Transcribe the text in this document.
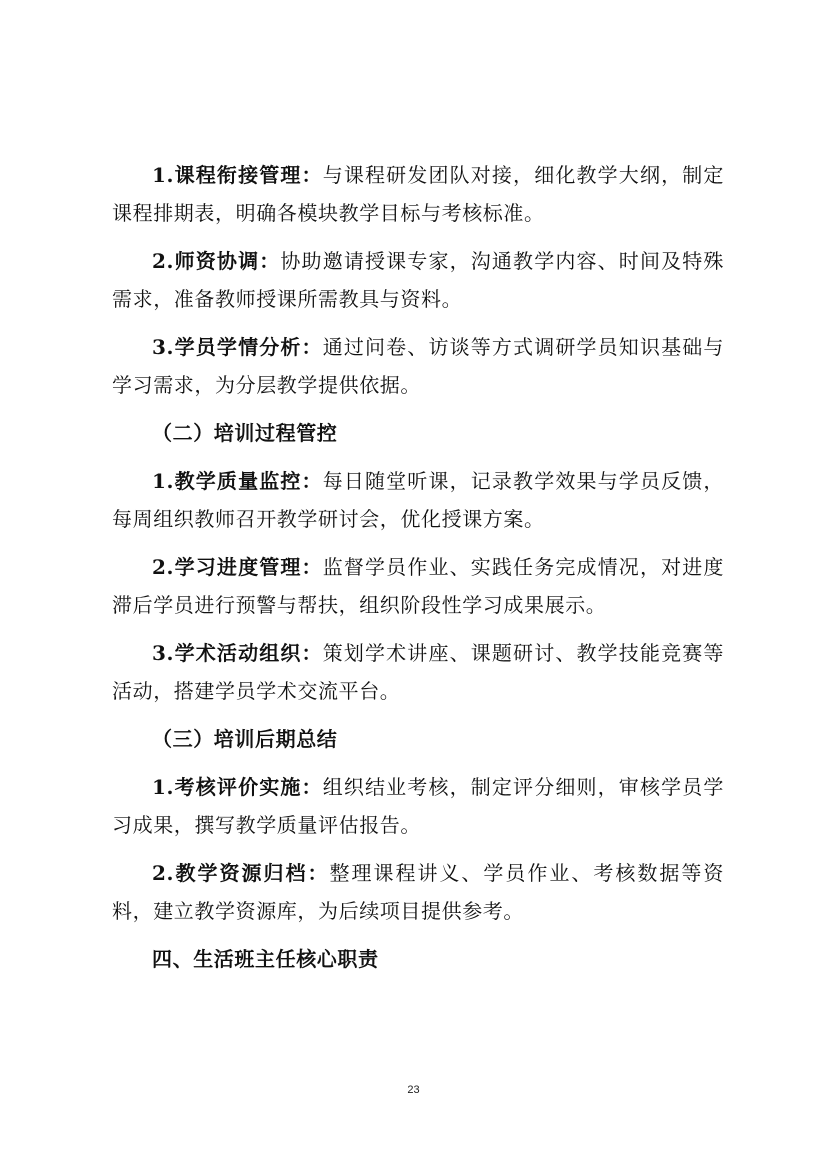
1.课程衔接管理：与课程研发团队对接，细化教学大纲，制定课程排期表，明确各模块教学目标与考核标准。

2.师资协调：协助邀请授课专家，沟通教学内容、时间及特殊需求，准备教师授课所需教具与资料。

3.学员学情分析：通过问卷、访谈等方式调研学员知识基础与学习需求，为分层教学提供依据。

（二）培训过程管控

1.教学质量监控：每日随堂听课，记录教学效果与学员反馈，每周组织教师召开教学研讨会，优化授课方案。

2.学习进度管理：监督学员作业、实践任务完成情况，对进度滞后学员进行预警与帮扶，组织阶段性学习成果展示。

3.学术活动组织：策划学术讲座、课题研讨、教学技能竞赛等活动，搭建学员学术交流平台。

（三）培训后期总结

1.考核评价实施：组织结业考核，制定评分细则，审核学员学习成果，撰写教学质量评估报告。

2.教学资源归档：整理课程讲义、学员作业、考核数据等资料，建立教学资源库，为后续项目提供参考。

四、生活班主任核心职责

23
